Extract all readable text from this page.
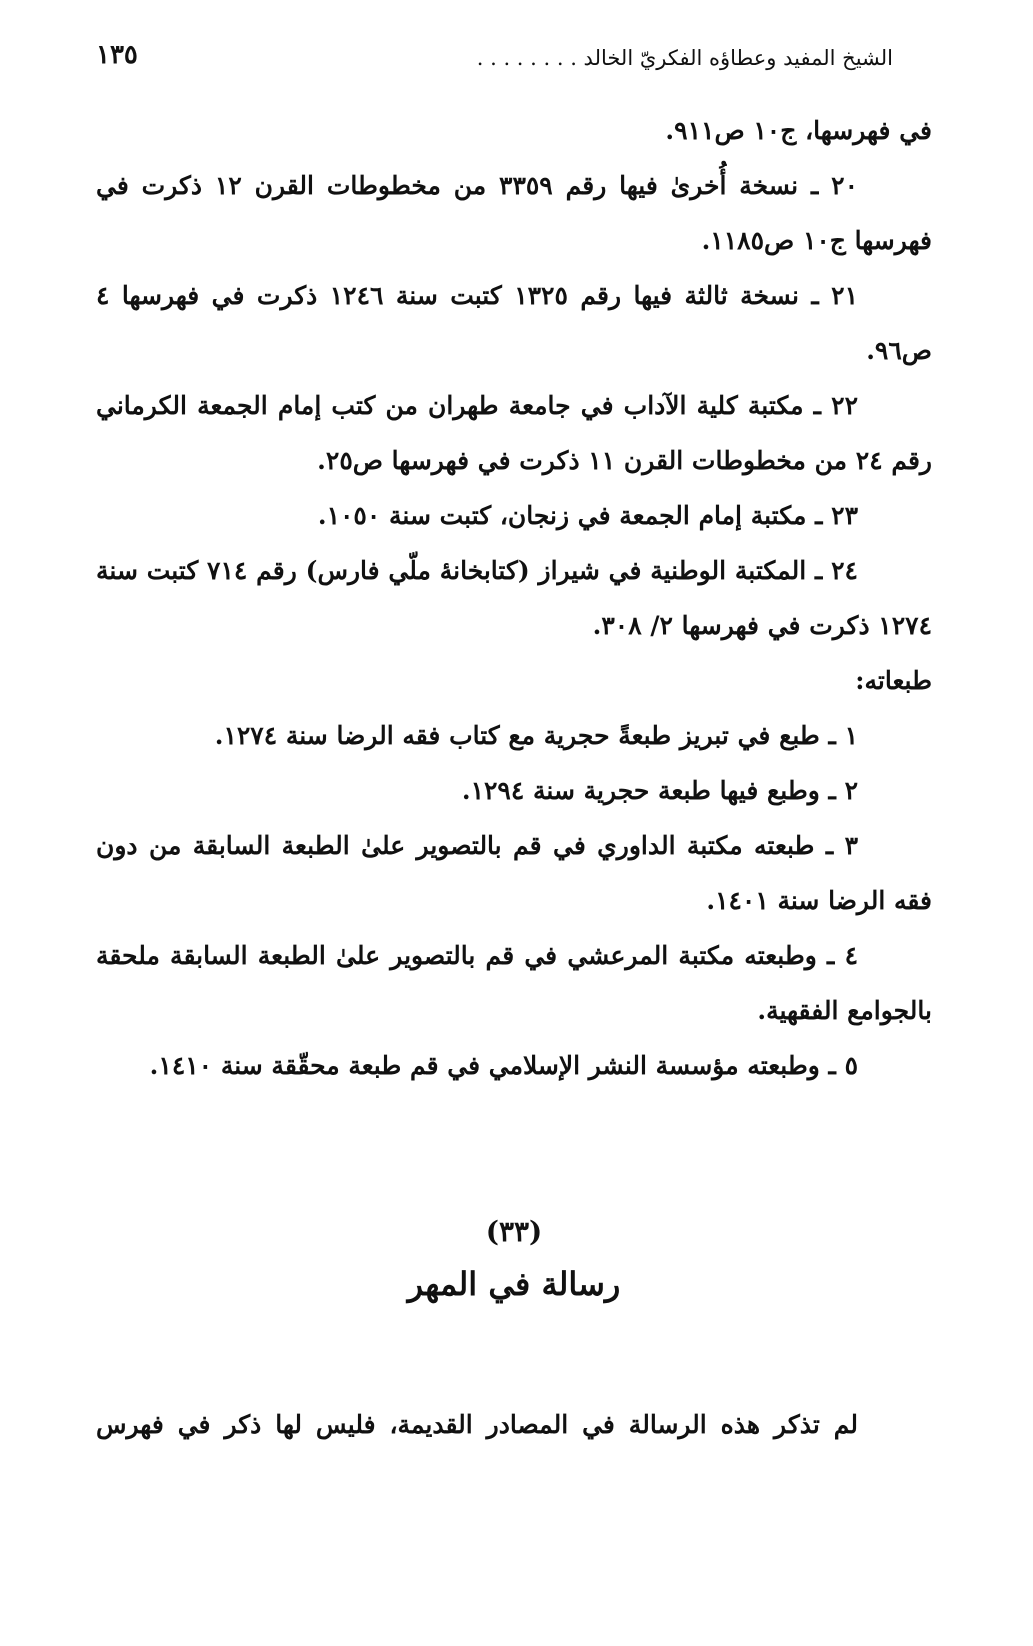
الشيخ المفيد وعطاؤه الفكريّ الخالد . . . . . . . .
١٣٥

في فهرسها، ج١٠ ص٩١١.

٢٠ ـ نسخة أُخرىٰ فيها رقم ٣٣٥٩ من مخطوطات القرن ١٢ ذكرت في فهرسها ج١٠ ص١١٨٥.

٢١ ـ نسخة ثالثة فيها رقم ١٣٢٥ كتبت سنة ١٢٤٦ ذكرت في فهرسها ٤ ص٩٦.

٢٢ ـ مكتبة كلية الآداب في جامعة طهران من كتب إمام الجمعة الكرماني رقم ٢٤ من مخطوطات القرن ١١ ذكرت في فهرسها ص٢٥.

٢٣ ـ مكتبة إمام الجمعة في زنجان، كتبت سنة ١٠٥٠.

٢٤ ـ المكتبة الوطنية في شيراز (كتابخانهٔ ملّي فارس) رقم ٧١٤ كتبت سنة ١٢٧٤ ذكرت في فهرسها ٢/ ٣٠٨.

طبعاته:

١ ـ طبع في تبريز طبعةً حجرية مع كتاب فقه الرضا سنة ١٢٧٤.

٢ ـ وطبع فيها طبعة حجرية سنة ١٢٩٤.

٣ ـ طبعته مكتبة الداوري في قم بالتصوير علىٰ الطبعة السابقة من دون فقه الرضا سنة ١٤٠١.

٤ ـ وطبعته مكتبة المرعشي في قم بالتصوير علىٰ الطبعة السابقة ملحقة بالجوامع الفقهية.

٥ ـ وطبعته مؤسسة النشر الإسلامي في قم طبعة محقّقة سنة ١٤١٠.

(٣٣)
رسالة في المهر

لم تذكر هذه الرسالة في المصادر القديمة، فليس لها ذكر في فهرس
